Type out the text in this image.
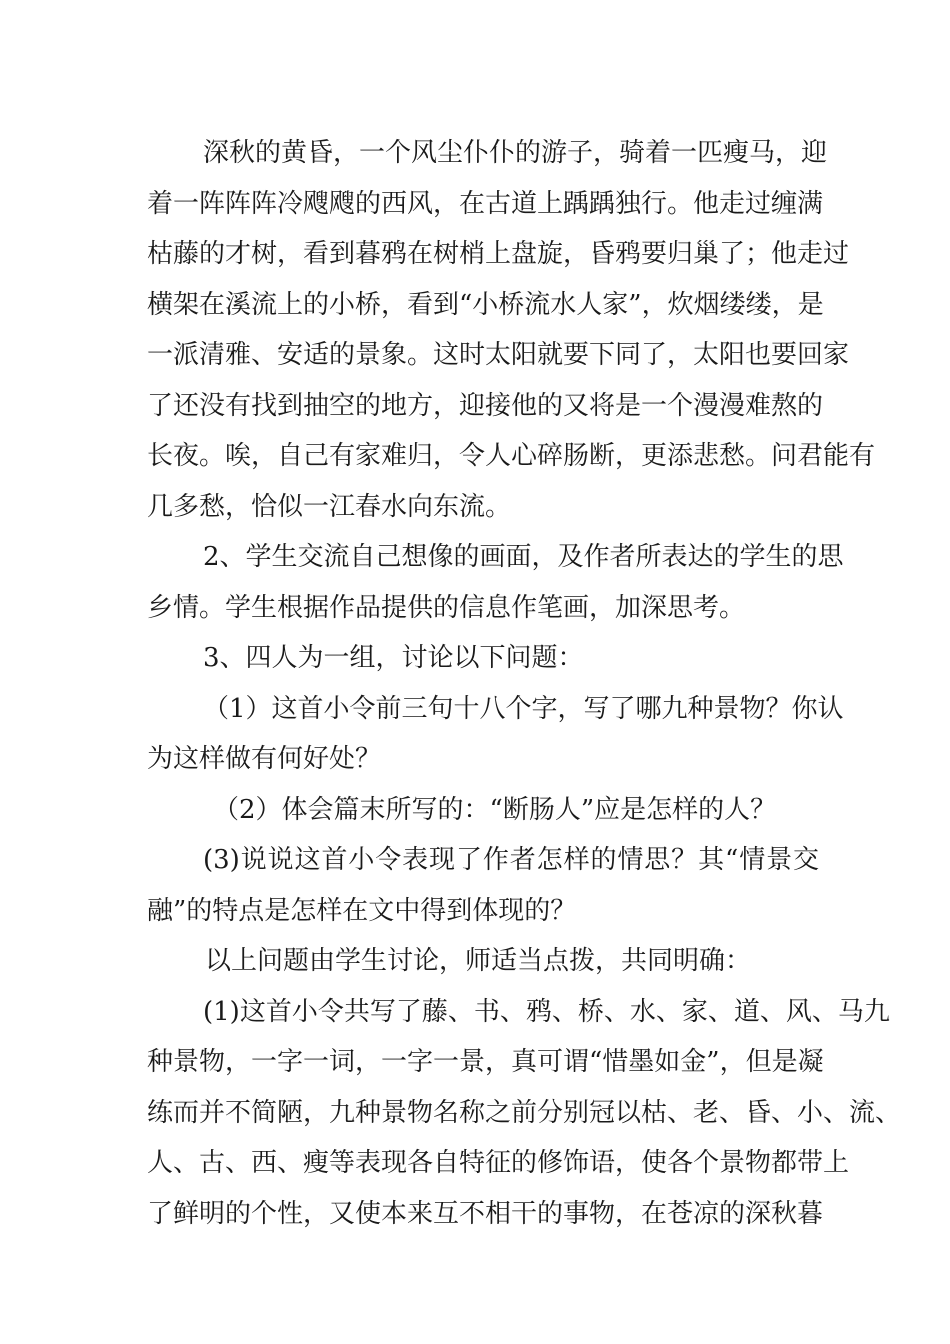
深秋的黄昏，一个风尘仆仆的游子，骑着一匹瘦马，迎
着一阵阵阵冷飕飕的西风，在古道上踽踽独行。他走过缠满
枯藤的才树，看到暮鸦在树梢上盘旋，昏鸦要归巢了；他走过
横架在溪流上的小桥，看到“小桥流水人家”，炊烟缕缕，是
一派清雅、安适的景象。这时太阳就要下同了，太阳也要回家
了还没有找到抽空的地方，迎接他的又将是一个漫漫难熬的
长夜。唉，自己有家难归，令人心碎肠断，更添悲愁。问君能有
几多愁，恰似一江春水向东流。
2、学生交流自己想像的画面，及作者所表达的学生的思
乡情。学生根据作品提供的信息作笔画，加深思考。
3、四人为一组，讨论以下问题：
（1）这首小令前三句十八个字，写了哪九种景物？你认
为这样做有何好处？
（2）体会篇末所写的：“断肠人”应是怎样的人？
(3)说说这首小令表现了作者怎样的情思？其“情景交
融”的特点是怎样在文中得到体现的？
以上问题由学生讨论，师适当点拨，共同明确：
(1)这首小令共写了藤、书、鸦、桥、水、家、道、风、马九
种景物，一字一词，一字一景，真可谓“惜墨如金”，但是凝
练而并不简陋，九种景物名称之前分别冠以枯、老、昏、小、流、
人、古、西、瘦等表现各自特征的修饰语，使各个景物都带上
了鲜明的个性，又使本来互不相干的事物，在苍凉的深秋暮
